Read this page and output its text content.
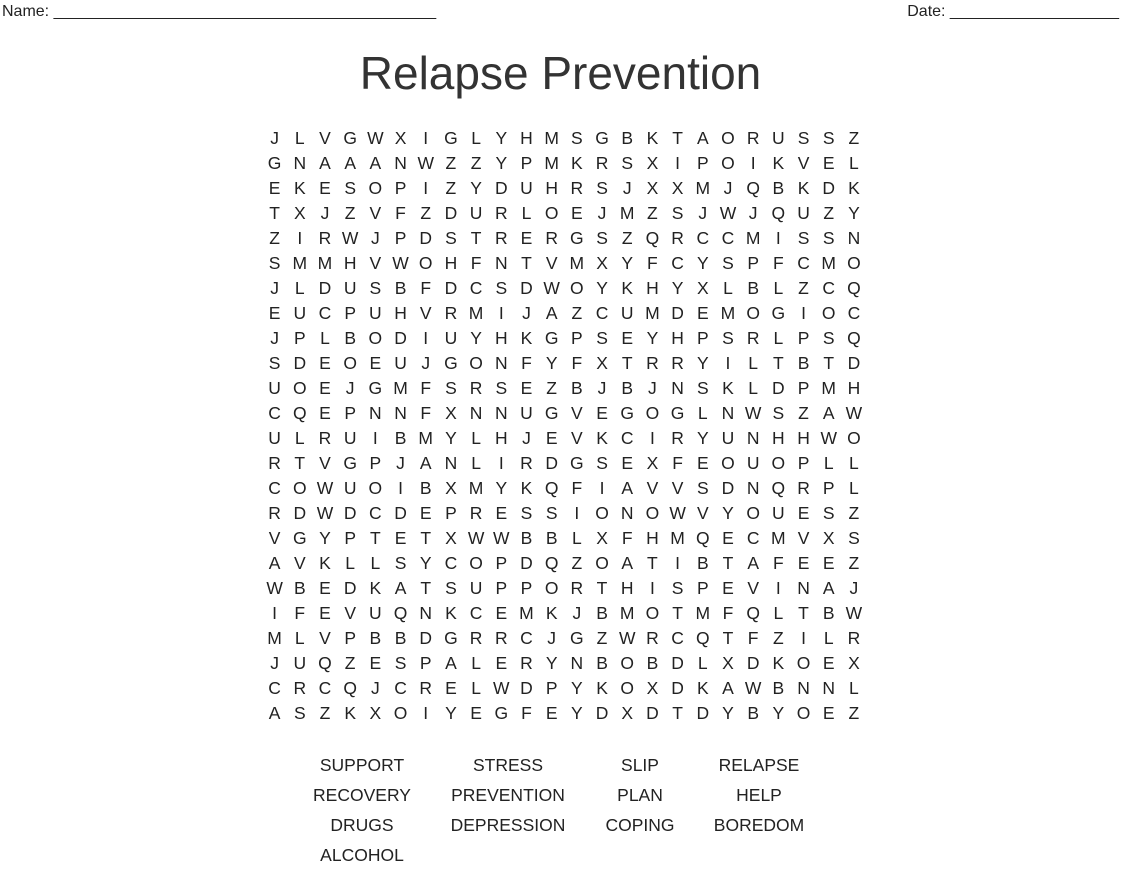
Name: ___________________________________________	Date: ___________________
Relapse Prevention
J L V G W X I G L Y H M S G B K T A O R U S S Z
G N A A A N W Z Z Y P M K R S X I P O I K V E L
E K E S O P I Z Y D U H R S J X X M J Q B K D K
T X J Z V F Z D U R L O E J M Z S J W J Q U Z Y
Z I R W J P D S T R E R G S Z Q R C C M I S S N
S M M H V W O H F N T V M X Y F C Y S P F C M O
J L D U S B F D C S D W O Y K H Y X L B L Z C Q
E U C P U H V R M I	J A Z C U M D E M O G I O C
J P L B O D I U Y H K G P S E Y H P S R L P S Q
S D E O E U J G O N F Y F X T R R Y I	L T B T D
U O E J G M F S R S E Z B J B J N S K L D P M H
C Q E P N N F X N N U G V E G O G L N W S Z A W
U L R U I B M Y L H J E V K C I R Y U N H H W O
R T V G P J A N L	I R D G S E X F E O U O P L L
C O W U O I B X M Y K Q F I A V V S D N Q R P L
R D W D C D E P R E S S I O N O W V Y O U E S Z
V G Y P T E T X W W B B L X F H M Q E C M V X S
A V K L L S Y C O P D Q Z O A T I B T A F E E Z
W B E D K A T S U P P O R T H I S P E V I N A J
I F E V U Q N K C E M K J B M O T M F Q L T B W
M L V P B B D G R R C J G Z W R C Q T F Z I	L R
J U Q Z E S P A L E R Y N B O B D L X D K O E X
C R C Q J C R E L W D P Y K O X D K A W B N N L
A S Z K X O I Y E G F E Y D X D T D Y B Y O E Z
SUPPORT	STRESS	SLIP	RELAPSE
RECOVERY	PREVENTION	PLAN	HELP
DRUGS	DEPRESSION	COPING	BOREDOM
ALCOHOL
